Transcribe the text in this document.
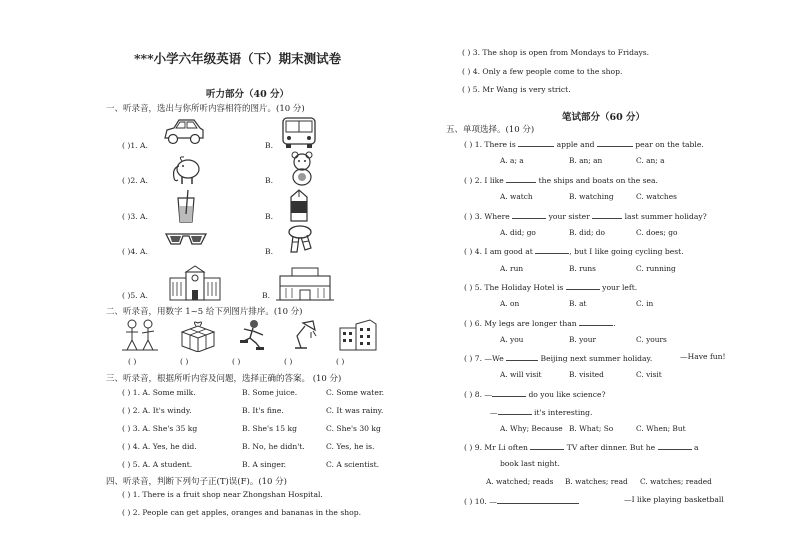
***小学六年级英语（下）期末测试卷
听力部分（40 分）
一、听录音，选出与你所听内容相符的图片。(10 分)
( )1. A.	B.
( )2. A.	B.
( )3. A.	B.
( )4. A.	B.
( )5. A.	B.
二、听录音，用数字 1~5 给下列图片排序。(10 分)
( )	( )	( )	( )	( )
三、听录音，根据所听内容及问题，选择正确的答案。 (10 分)
( ) 1. A. Some milk.	B. Some juice.	C. Some water.
( ) 2. A. It's windy.	B. It's fine.	C. It was rainy.
( ) 3. A. She's 35 kg	B. She's 15 kg	C. She's 30 kg
( ) 4. A. Yes, he did.	B. No, he didn't.	C. Yes, he is.
( ) 5. A. A student.	B. A singer.	C. A scientist.
四、听录音，判断下列句子正(T)误(F)。(10 分)
( ) 1. There is a fruit shop near Zhongshan Hospital.
( ) 2. People can get apples, oranges and bananas in the shop.
( ) 3. The shop is open from Mondays to Fridays.
( ) 4. Only a few people come to the shop.
( ) 5. Mr Wang is very strict.
笔试部分（60 分）
五、单项选择。(10 分)
( ) 1. There is	apple and	pear on the table.
A. a; a	B. an; an	C. an; a
( ) 2. I like	the ships and boats on the sea.
A. watch	B. watching	C. watches
( ) 3. Where	your sister	last summer holiday?
A. did; go	B. did; do	C. does; go
( ) 4. I am good at	, but I like going cycling best.
A. run	B. runs	C. running
( ) 5. The Holiday Hotel is	your left.
A. on	B. at	C. in
( ) 6. My legs are longer than	.
A. you	B. your	C. yours
( ) 7. —We	Beijing next summer holiday.	—Have fun!
A. will visit	B. visited	C. visit
( ) 8. —	do you like science?
—	it's interesting.
A. Why; Because B. What; So	C. When; But
( ) 9. Mr Li often	TV after dinner. But he	a
book last night.
A. watched; reads B. watches; read C. watches; readed
( ) 10. —	—I like playing basketball
